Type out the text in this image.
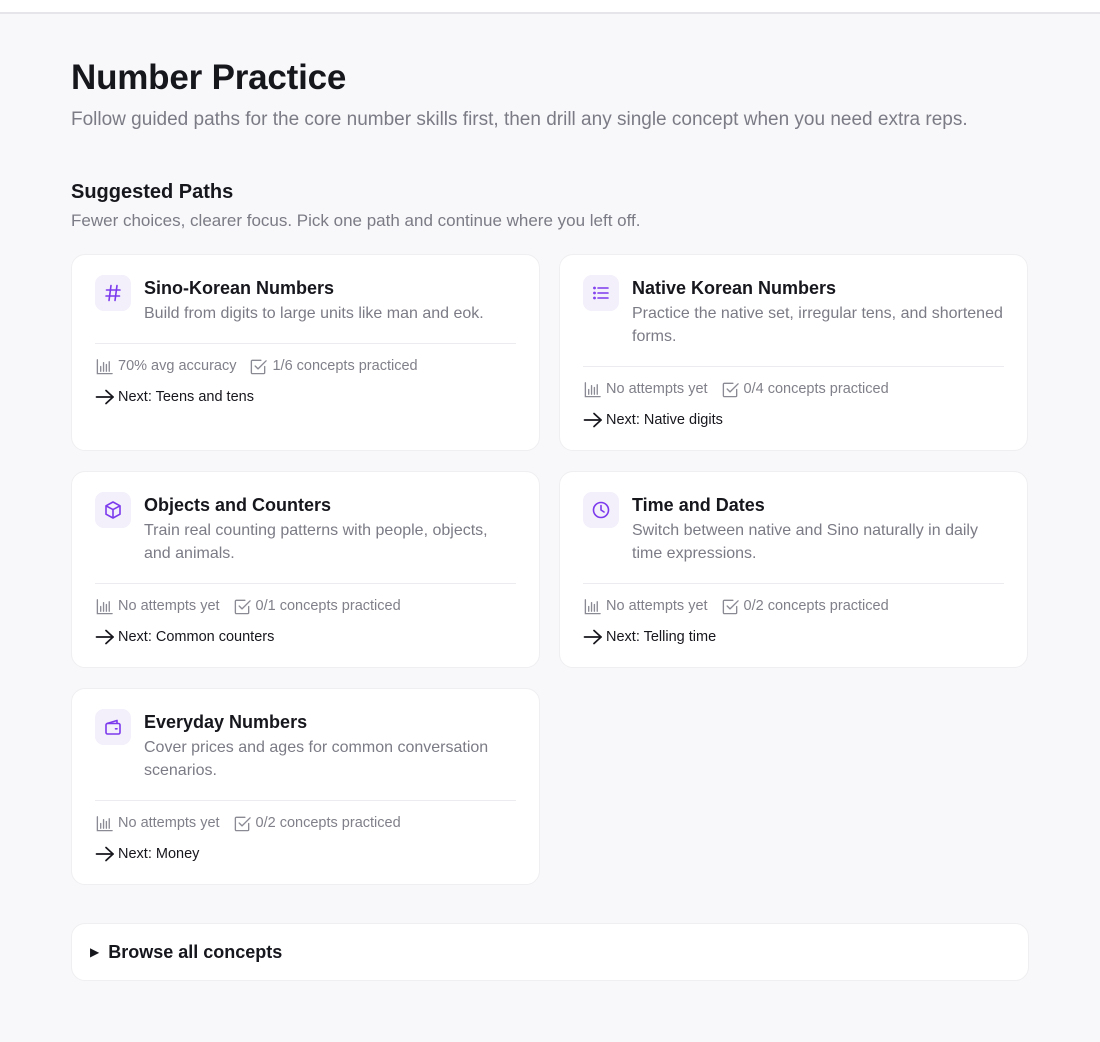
Number Practice

Follow guided paths for the core number skills first, then drill any single concept when you need extra reps.

Suggested Paths

Fewer choices, clearer focus. Pick one path and continue where you left off.

Sino-Korean Numbers
Build from digits to large units like man and eok.
70% avg accuracy 1/6 concepts practiced
Next: Teens and tens
Native Korean Numbers
Practice the native set, irregular tens, and shortened forms.
No attempts yet 0/4 concepts practiced
Next: Native digits
Objects and Counters
Train real counting patterns with people, objects, and animals.
No attempts yet 0/1 concepts practiced
Next: Common counters
Time and Dates
Switch between native and Sino naturally in daily time expressions.
No attempts yet 0/2 concepts practiced
Next: Telling time
Everyday Numbers
Cover prices and ages for common conversation scenarios.
No attempts yet 0/2 concepts practiced
Next: Money
▶ Browse all concepts
